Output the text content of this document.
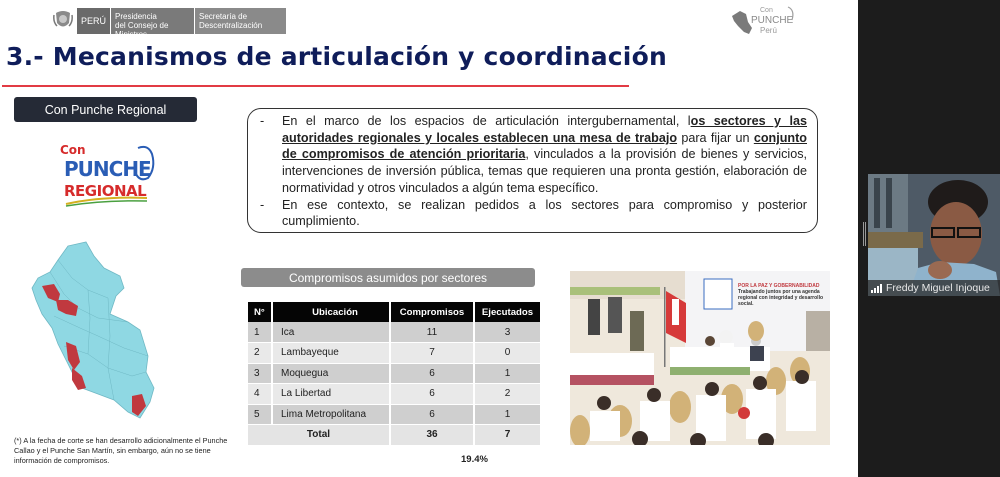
PERÚ	Presidencia
del Consejo de Ministros
Secretaría de
Descentralización
Con
PUNCHE
Perú
3.- Mecanismos de articulación y coordinación
Con Punche Regional
Con
PUNCHE
REGIONAL
- En el marco de los espacios de articulación intergubernamental, los sectores y las autoridades regionales y locales establecen una mesa de trabajo para fijar un conjunto de compromisos de atención prioritaria, vinculados a la provisión de bienes y servicios, intervenciones de inversión pública, temas que requieren una pronta gestión, elaboración de normatividad y otros vinculados a algún tema específico.
- En ese contexto, se realizan pedidos a los sectores para compromiso y posterior cumplimiento.
(*) A la fecha de corte se han desarrollo adicionalmente el Punche Callao y el Punche San Martín, sin embargo, aún no se tiene información de compromisos.
Compromisos asumidos por sectores
N°	Ubicación	Compromisos	Ejecutados
1	Ica	11	3
2	Lambayeque	7	0
3	Moquegua	6	1
4	La Libertad	6	2
5	Lima Metropolitana	6	1
Total		36	7
19.4%
POR LA PAZ Y GOBERNABILIDAD
Trabajando juntos por una agenda regional con integridad y desarrollo social.
Freddy Miguel Injoque
